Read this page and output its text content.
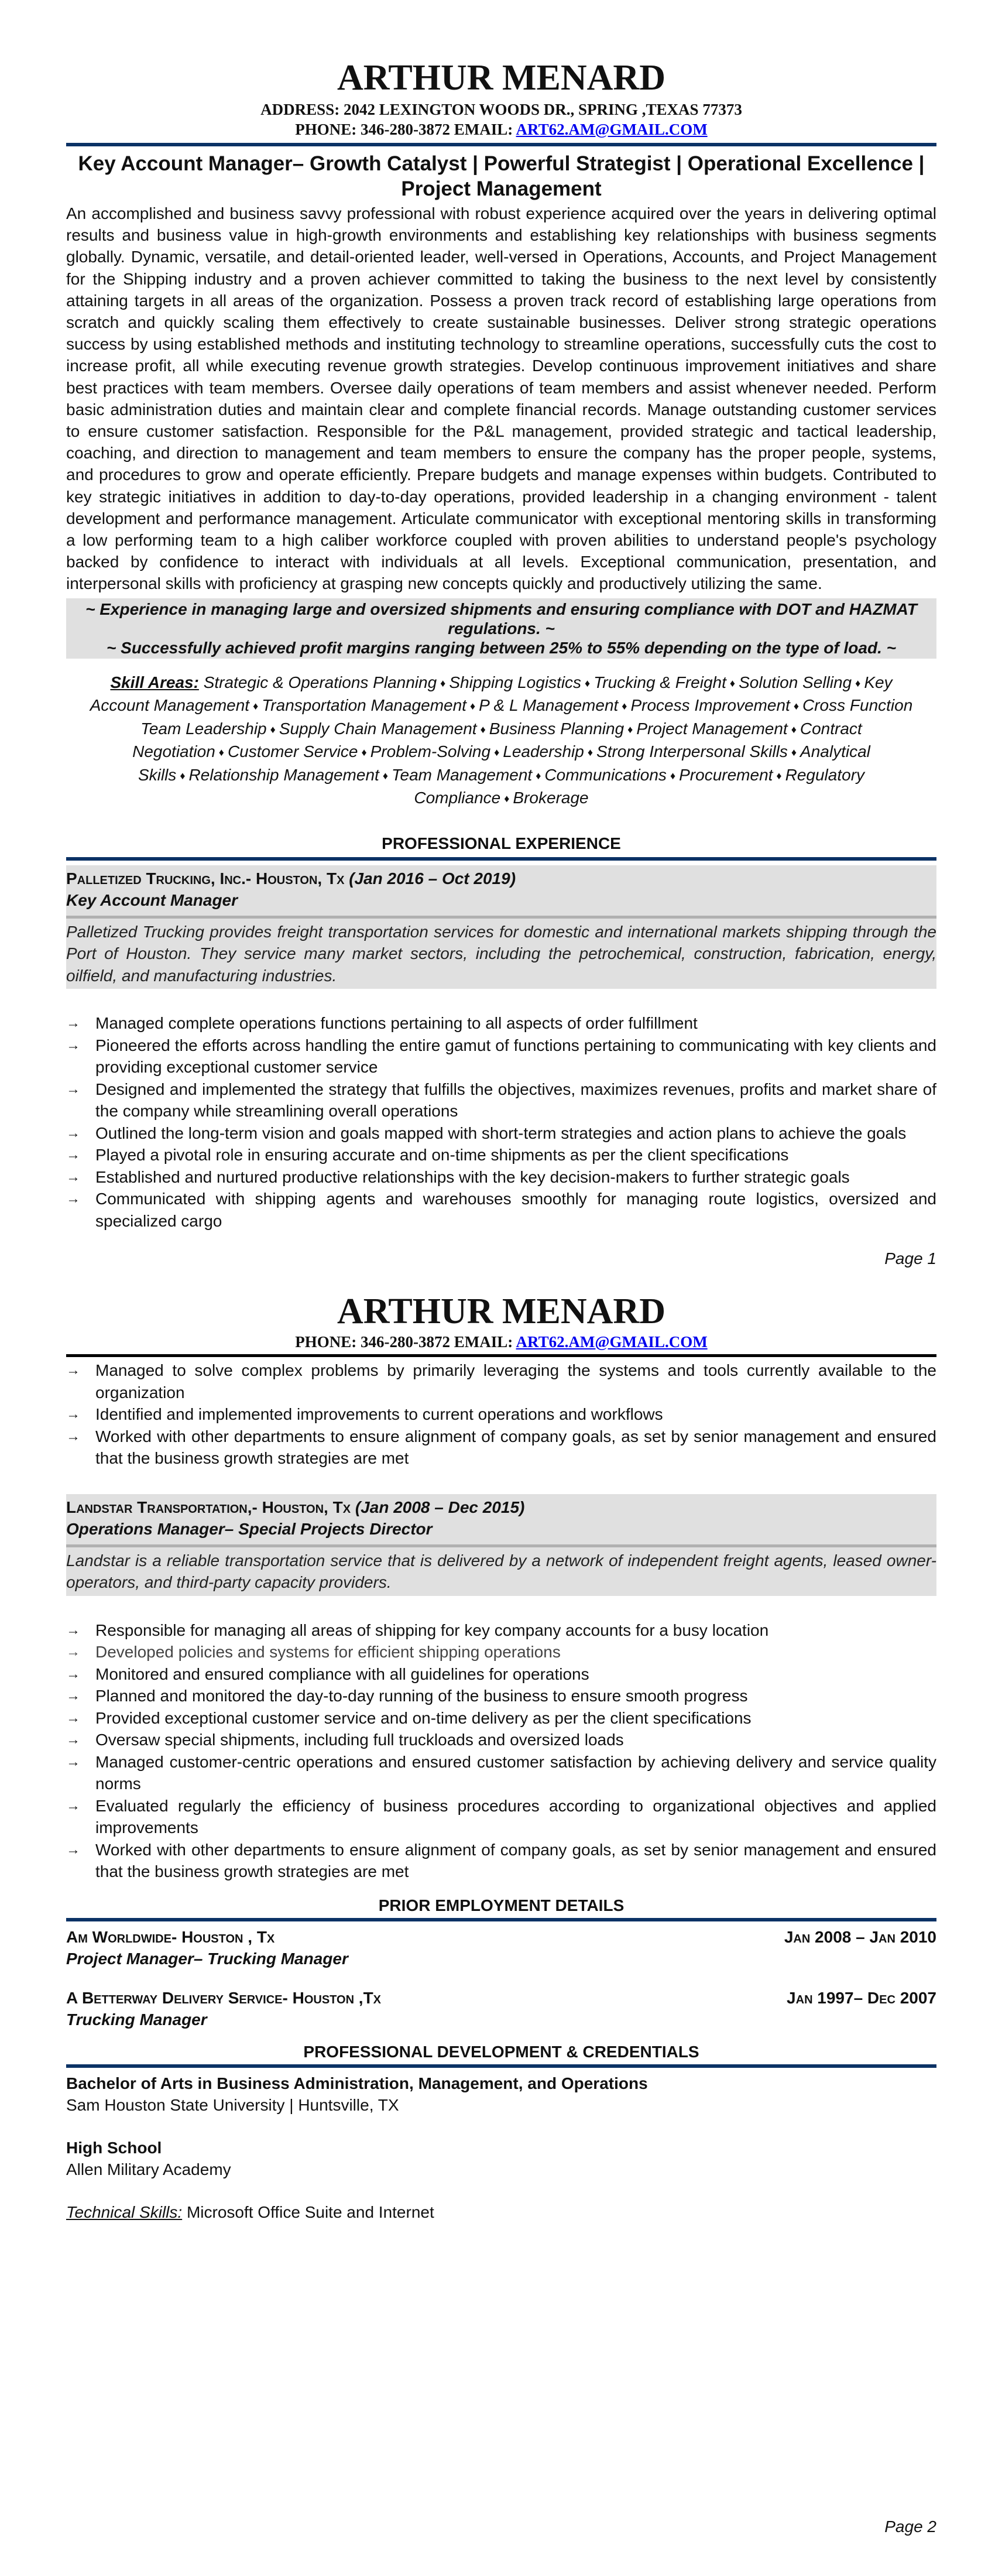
ARTHUR MENARD
ADDRESS: 2042 LEXINGTON WOODS DR., SPRING ,TEXAS 77373
PHONE: 346-280-3872 EMAIL: ART62.AM@GMAIL.COM
Key Account Manager– Growth Catalyst | Powerful Strategist | Operational Excellence | Project Management
An accomplished and business savvy professional with robust experience acquired over the years in delivering optimal results and business value in high-growth environments and establishing key relationships with business segments globally. Dynamic, versatile, and detail-oriented leader, well-versed in Operations, Accounts, and Project Management for the Shipping industry and a proven achiever committed to taking the business to the next level by consistently attaining targets in all areas of the organization. Possess a proven track record of establishing large operations from scratch and quickly scaling them effectively to create sustainable businesses. Deliver strong strategic operations success by using established methods and instituting technology to streamline operations, successfully cuts the cost to increase profit, all while executing revenue growth strategies. Develop continuous improvement initiatives and share best practices with team members. Oversee daily operations of team members and assist whenever needed. Perform basic administration duties and maintain clear and complete financial records. Manage outstanding customer services to ensure customer satisfaction. Responsible for the P&L management, provided strategic and tactical leadership, coaching, and direction to management and team members to ensure the company has the proper people, systems, and procedures to grow and operate efficiently. Prepare budgets and manage expenses within budgets. Contributed to key strategic initiatives in addition to day-to-day operations, provided leadership in a changing environment - talent development and performance management. Articulate communicator with exceptional mentoring skills in transforming a low performing team to a high caliber workforce coupled with proven abilities to understand people's psychology backed by confidence to interact with individuals at all levels. Exceptional communication, presentation, and interpersonal skills with proficiency at grasping new concepts quickly and productively utilizing the same.
~ Experience in managing large and oversized shipments and ensuring compliance with DOT and HAZMAT regulations. ~
~ Successfully achieved profit margins ranging between 25% to 55% depending on the type of load. ~
Skill Areas: Strategic & Operations Planning ♦ Shipping Logistics ♦ Trucking & Freight ♦ Solution Selling ♦ Key Account Management ♦ Transportation Management ♦ P & L Management ♦ Process Improvement ♦ Cross Function Team Leadership ♦ Supply Chain Management ♦ Business Planning ♦ Project Management ♦ Contract Negotiation ♦ Customer Service ♦ Problem-Solving ♦ Leadership ♦ Strong Interpersonal Skills ♦ Analytical Skills ♦ Relationship Management ♦ Team Management ♦ Communications ♦ Procurement ♦ Regulatory Compliance ♦ Brokerage
PROFESSIONAL EXPERIENCE
Palletized Trucking, Inc.- Houston, Tx (Jan 2016 – Oct 2019)
Key Account Manager
Palletized Trucking provides freight transportation services for domestic and international markets shipping through the Port of Houston. They service many market sectors, including the petrochemical, construction, fabrication, energy, oilfield, and manufacturing industries.
→ Managed complete operations functions pertaining to all aspects of order fulfillment
→ Pioneered the efforts across handling the entire gamut of functions pertaining to communicating with key clients and providing exceptional customer service
→ Designed and implemented the strategy that fulfills the objectives, maximizes revenues, profits and market share of the company while streamlining overall operations
→ Outlined the long-term vision and goals mapped with short-term strategies and action plans to achieve the goals
→ Played a pivotal role in ensuring accurate and on-time shipments as per the client specifications
→ Established and nurtured productive relationships with the key decision-makers to further strategic goals
→ Communicated with shipping agents and warehouses smoothly for managing route logistics, oversized and specialized cargo
Page 1
ARTHUR MENARD
PHONE: 346-280-3872 EMAIL: ART62.AM@GMAIL.COM
→ Managed to solve complex problems by primarily leveraging the systems and tools currently available to the organization
→ Identified and implemented improvements to current operations and workflows
→ Worked with other departments to ensure alignment of company goals, as set by senior management and ensured that the business growth strategies are met
Landstar Transportation,- Houston, Tx (Jan 2008 – Dec 2015)
Operations Manager– Special Projects Director
Landstar is a reliable transportation service that is delivered by a network of independent freight agents, leased owner-operators, and third-party capacity providers.
→ Responsible for managing all areas of shipping for key company accounts for a busy location
→ Developed policies and systems for efficient shipping operations
→ Monitored and ensured compliance with all guidelines for operations
→ Planned and monitored the day-to-day running of the business to ensure smooth progress
→ Provided exceptional customer service and on-time delivery as per the client specifications
→ Oversaw special shipments, including full truckloads and oversized loads
→ Managed customer-centric operations and ensured customer satisfaction by achieving delivery and service quality norms
→ Evaluated regularly the efficiency of business procedures according to organizational objectives and applied improvements
→ Worked with other departments to ensure alignment of company goals, as set by senior management and ensured that the business growth strategies are met
PRIOR EMPLOYMENT DETAILS
Am Worldwide- Houston , Tx	Jan 2008 – Jan 2010
Project Manager– Trucking Manager
A Betterway Delivery Service- Houston ,Tx	Jan 1997– Dec 2007
Trucking Manager
PROFESSIONAL DEVELOPMENT & CREDENTIALS
Bachelor of Arts in Business Administration, Management, and Operations
Sam Houston State University | Huntsville, TX
High School
Allen Military Academy
Technical Skills: Microsoft Office Suite and Internet
Page 2
